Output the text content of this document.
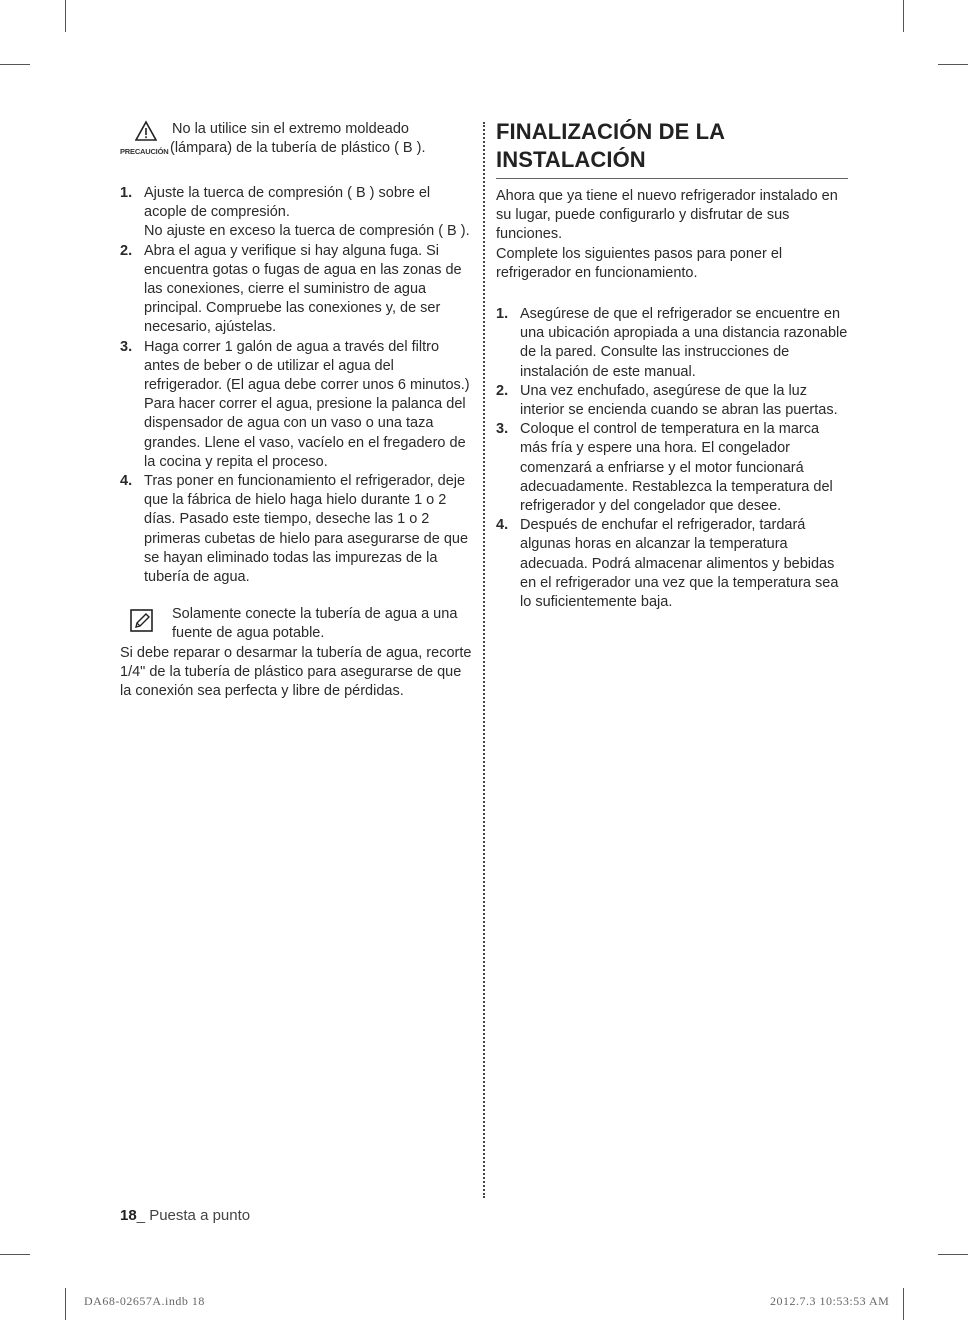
PRECAUCIÓN
No la utilice sin el extremo moldeado
(lámpara) de la tubería de plástico ( B ).
1. Ajuste la tuerca de compresión ( B ) sobre el acople de compresión.

No ajuste en exceso la tuerca de compresión ( B ).

2. Abra el agua y verifique si hay alguna fuga. Si encuentra gotas o fugas de agua en las zonas de las conexiones, cierre el suministro de agua principal. Compruebe las conexiones y, de ser necesario, ajústelas.

3. Haga correr 1 galón de agua a través del filtro antes de beber o de utilizar el agua del refrigerador. (El agua debe correr unos 6 minutos.) Para hacer correr el agua, presione la palanca del dispensador de agua con un vaso o una taza grandes. Llene el vaso, vacíelo en el fregadero de la cocina y repita el proceso.

4. Tras poner en funcionamiento el refrigerador, deje que la fábrica de hielo haga hielo durante 1 o 2 días. Pasado este tiempo, deseche las 1 o 2 primeras cubetas de hielo para asegurarse de que se hayan eliminado todas las impurezas de la tubería de agua.

Solamente conecte la tubería de agua a una fuente de agua potable.

Si debe reparar o desarmar la tubería de agua, recorte 1/4" de la tubería de plástico para asegurarse de que la conexión sea perfecta y libre de pérdidas.

FINALIZACIÓN DE LA
INSTALACIÓN

Ahora que ya tiene el nuevo refrigerador instalado en su lugar, puede configurarlo y disfrutar de sus funciones.

Complete los siguientes pasos para poner el refrigerador en funcionamiento.

1. Asegúrese de que el refrigerador se encuentre en una ubicación apropiada a una distancia razonable de la pared. Consulte las instrucciones de instalación de este manual.

2. Una vez enchufado, asegúrese de que la luz interior se encienda cuando se abran las puertas.

3. Coloque el control de temperatura en la marca más fría y espere una hora. El congelador comenzará a enfriarse y el motor funcionará adecuadamente. Restablezca la temperatura del refrigerador y del congelador que desee.

4. Después de enchufar el refrigerador, tardará algunas horas en alcanzar la temperatura adecuada. Podrá almacenar alimentos y bebidas en el refrigerador una vez que la temperatura sea lo suficientemente baja.

18_ Puesta a punto
DA68-02657A.indb 18	2012.7.3 10:53:53 AM
